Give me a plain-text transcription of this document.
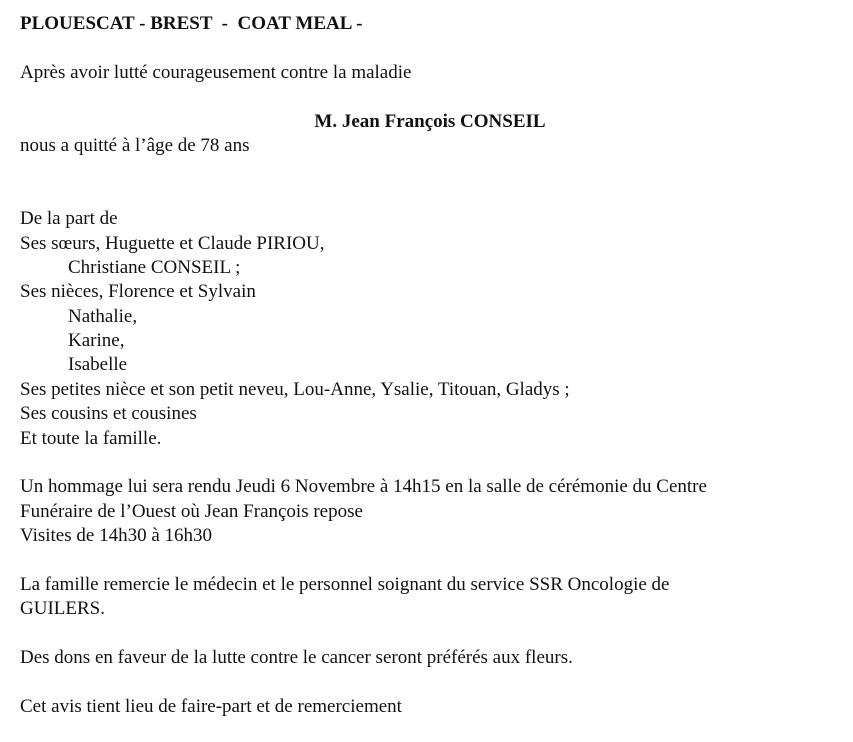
PLOUESCAT - BREST  -  COAT MEAL -
Après avoir lutté courageusement contre la maladie
M. Jean François CONSEIL
nous a quitté à l’âge de 78 ans
De la part de
Ses sœurs, Huguette et Claude PIRIOU,
Christiane CONSEIL ;
Ses nièces, Florence et Sylvain
Nathalie,
Karine,
Isabelle
Ses petites nièce et son petit neveu, Lou-Anne, Ysalie, Titouan, Gladys ;
Ses cousins et cousines
Et toute la famille.
Un hommage lui sera rendu Jeudi 6 Novembre à 14h15 en la salle de cérémonie du Centre
Funéraire de l’Ouest où Jean François repose
Visites de 14h30 à 16h30
La famille remercie le médecin et le personnel soignant du service SSR Oncologie de
GUILERS.
Des dons en faveur de la lutte contre le cancer seront préférés aux fleurs.
Cet avis tient lieu de faire-part et de remerciement
